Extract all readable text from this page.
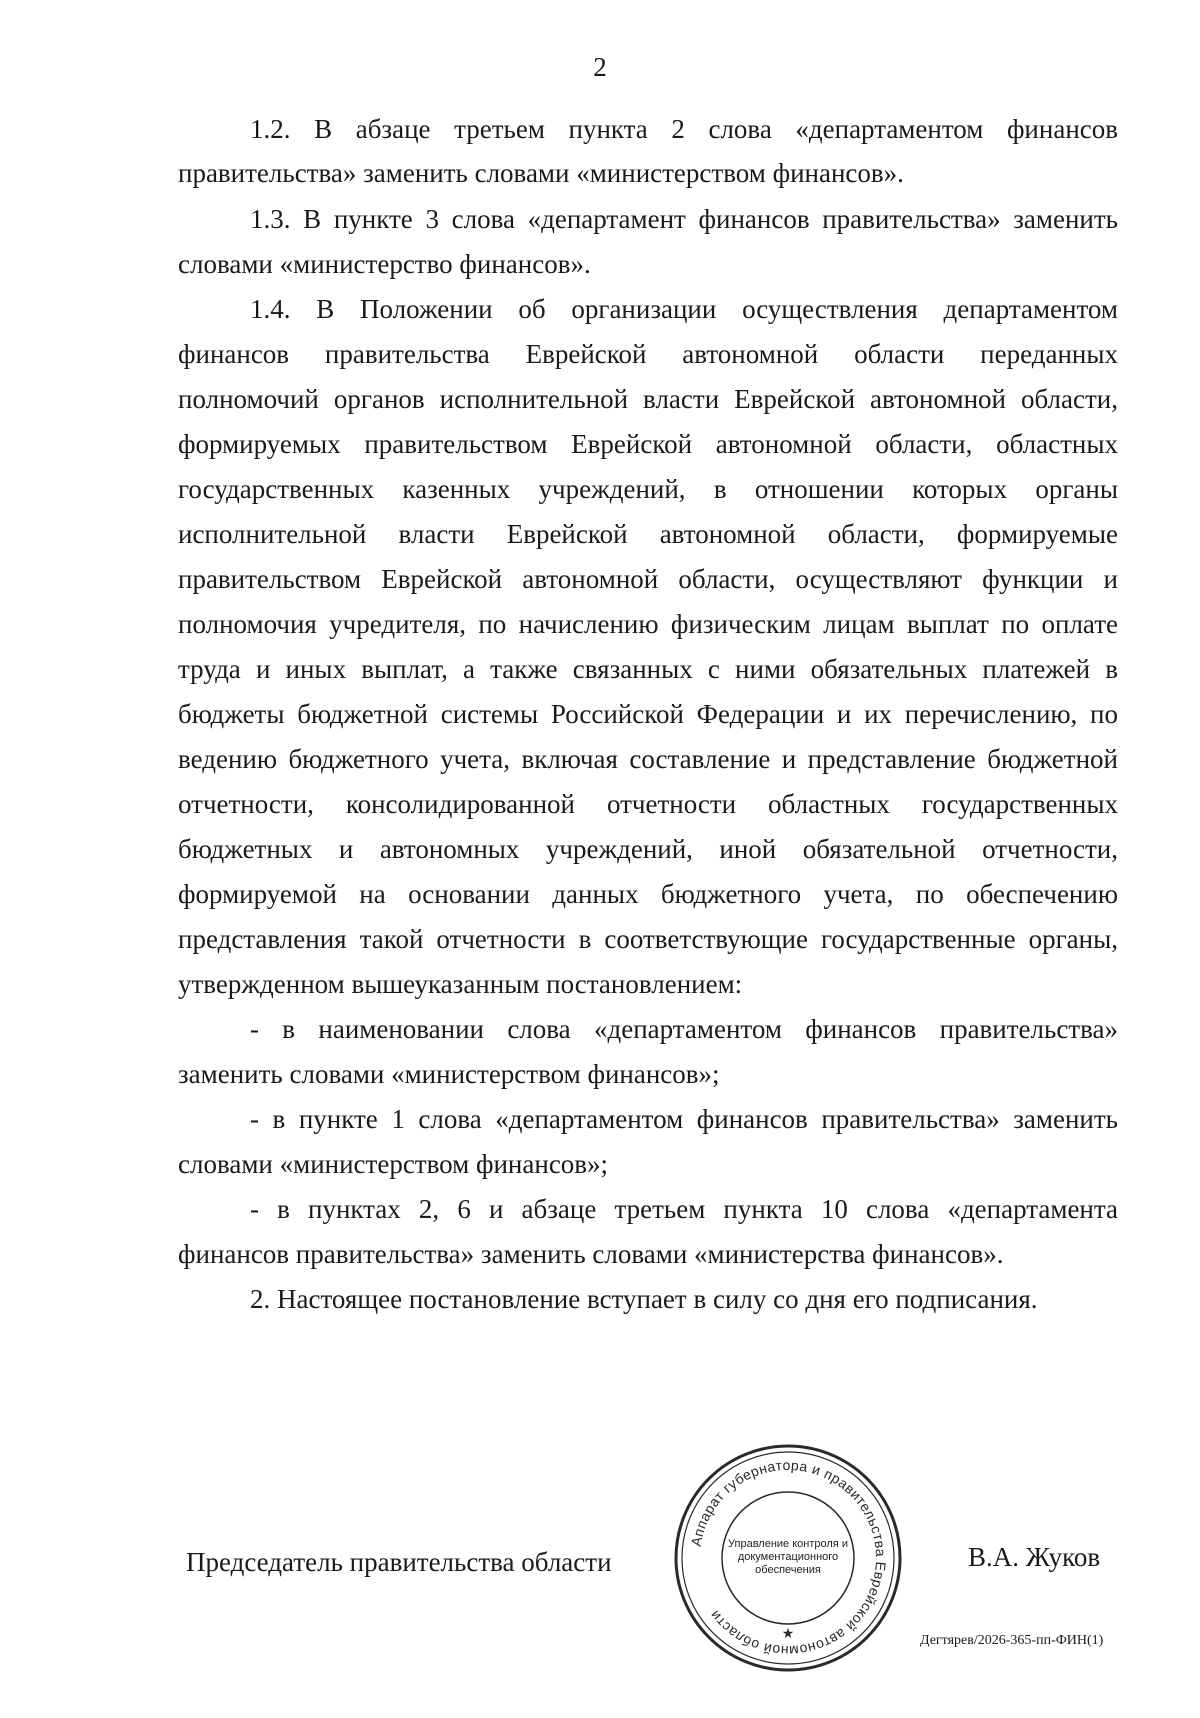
2
1.2. В абзаце третьем пункта 2 слова «департаментом финансов
правительства» заменить словами «министерством финансов».
1.3. В пункте 3 слова «департамент финансов правительства» заменить
словами «министерство финансов».
1.4. В Положении об организации осуществления департаментом
финансов правительства Еврейской автономной области переданных
полномочий органов исполнительной власти Еврейской автономной области,
формируемых правительством Еврейской автономной области, областных
государственных казенных учреждений, в отношении которых органы
исполнительной власти Еврейской автономной области, формируемые
правительством Еврейской автономной области, осуществляют функции и
полномочия учредителя, по начислению физическим лицам выплат по оплате
труда и иных выплат, а также связанных с ними обязательных платежей в
бюджеты бюджетной системы Российской Федерации и их перечислению, по
ведению бюджетного учета, включая составление и представление бюджетной
отчетности, консолидированной отчетности областных государственных
бюджетных и автономных учреждений, иной обязательной отчетности,
формируемой на основании данных бюджетного учета, по обеспечению
представления такой отчетности в соответствующие государственные органы,
утвержденном вышеуказанным постановлением:
- в наименовании слова «департаментом финансов правительства»
заменить словами «министерством финансов»;
- в пункте 1 слова «департаментом финансов правительства» заменить
словами «министерством финансов»;
- в пунктах 2, 6 и абзаце третьем пункта 10 слова «департамента
финансов правительства» заменить словами «министерства финансов».
2. Настоящее постановление вступает в силу со дня его подписания.
Председатель правительства области
Аппарат губернатора и правительства Еврейской автономной области
★
Управление контроля и документационного обеспечения	В.А. Жуков
Дегтярев/2026-365-пп-ФИН(1)
